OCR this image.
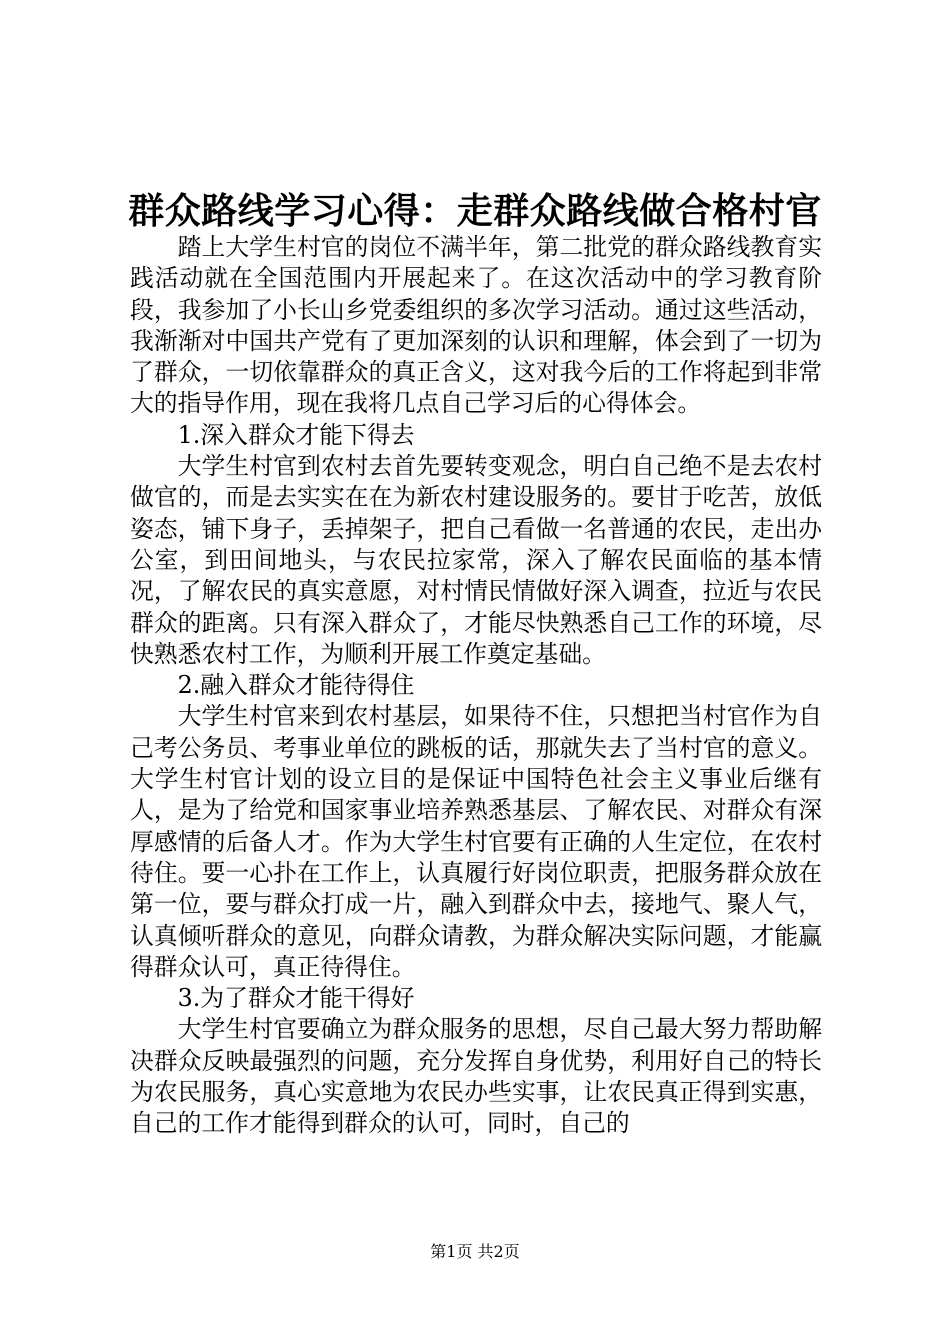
群众路线学习心得：走群众路线做合格村官

踏上大学生村官的岗位不满半年，第二批党的群众路线教育实践活动就在全国范围内开展起来了。在这次活动中的学习教育阶段，我参加了小长山乡党委组织的多次学习活动。通过这些活动，我渐渐对中国共产党有了更加深刻的认识和理解，体会到了一切为了群众，一切依靠群众的真正含义，这对我今后的工作将起到非常大的指导作用，现在我将几点自己学习后的心得体会。

1.深入群众才能下得去

大学生村官到农村去首先要转变观念，明白自己绝不是去农村做官的，而是去实实在在为新农村建设服务的。要甘于吃苦，放低姿态，铺下身子，丢掉架子，把自己看做一名普通的农民，走出办公室，到田间地头，与农民拉家常，深入了解农民面临的基本情况，了解农民的真实意愿，对村情民情做好深入调查，拉近与农民群众的距离。只有深入群众了，才能尽快熟悉自己工作的环境，尽快熟悉农村工作，为顺利开展工作奠定基础。

2.融入群众才能待得住

大学生村官来到农村基层，如果待不住，只想把当村官作为自己考公务员、考事业单位的跳板的话，那就失去了当村官的意义。大学生村官计划的设立目的是保证中国特色社会主义事业后继有人，是为了给党和国家事业培养熟悉基层、了解农民、对群众有深厚感情的后备人才。作为大学生村官要有正确的人生定位，在农村待住。要一心扑在工作上，认真履行好岗位职责，把服务群众放在第一位，要与群众打成一片，融入到群众中去，接地气、聚人气，认真倾听群众的意见，向群众请教，为群众解决实际问题，才能赢得群众认可，真正待得住。

3.为了群众才能干得好

大学生村官要确立为群众服务的思想，尽自己最大努力帮助解决群众反映最强烈的问题，充分发挥自身优势，利用好自己的特长为农民服务，真心实意地为农民办些实事，让农民真正得到实惠，自己的工作才能得到群众的认可，同时，自己的

第1页 共2页
